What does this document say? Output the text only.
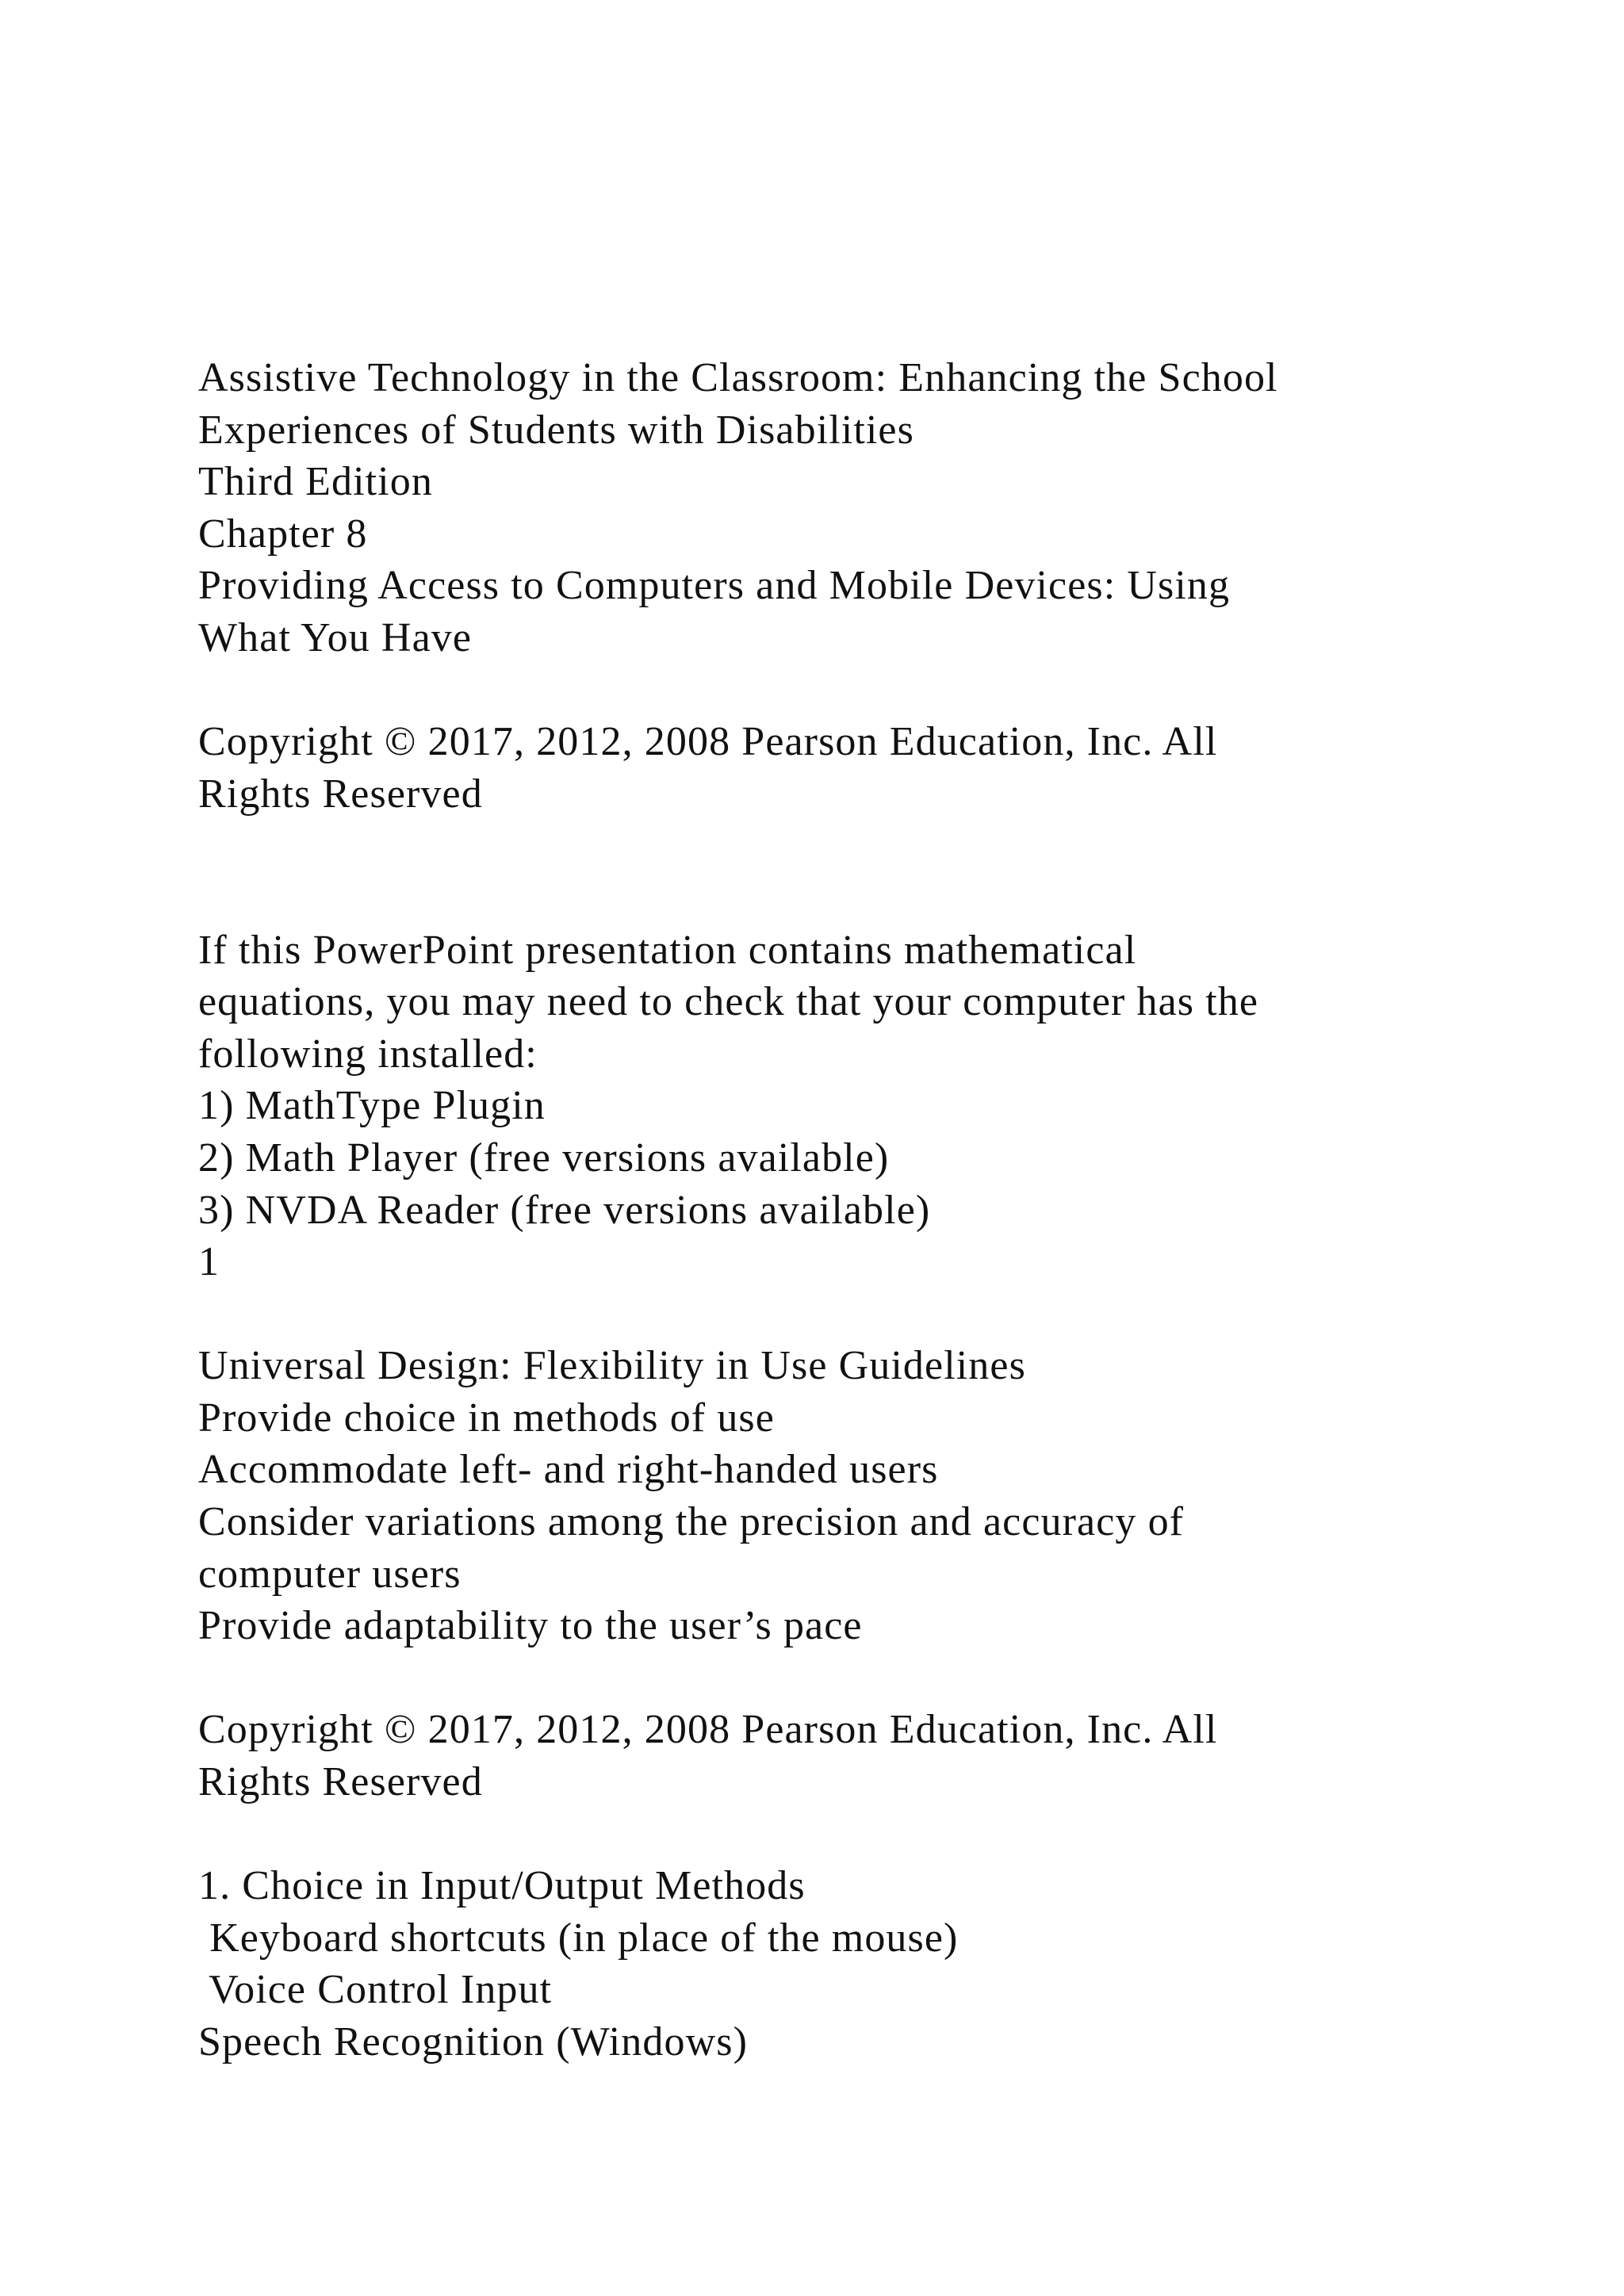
Assistive Technology in the Classroom: Enhancing the School
Experiences of Students with Disabilities
Third Edition
Chapter 8
Providing Access to Computers and Mobile Devices: Using
What You Have
Copyright © 2017, 2012, 2008 Pearson Education, Inc. All
Rights Reserved
If this PowerPoint presentation contains mathematical
equations, you may need to check that your computer has the
following installed:
1) MathType Plugin
2) Math Player (free versions available)
3) NVDA Reader (free versions available)
1
Universal Design: Flexibility in Use Guidelines
Provide choice in methods of use
Accommodate left- and right-handed users
Consider variations among the precision and accuracy of
computer users
Provide adaptability to the user’s pace
Copyright © 2017, 2012, 2008 Pearson Education, Inc. All
Rights Reserved
1. Choice in Input/Output Methods
Keyboard shortcuts (in place of the mouse)
Voice Control Input
Speech Recognition (Windows)
